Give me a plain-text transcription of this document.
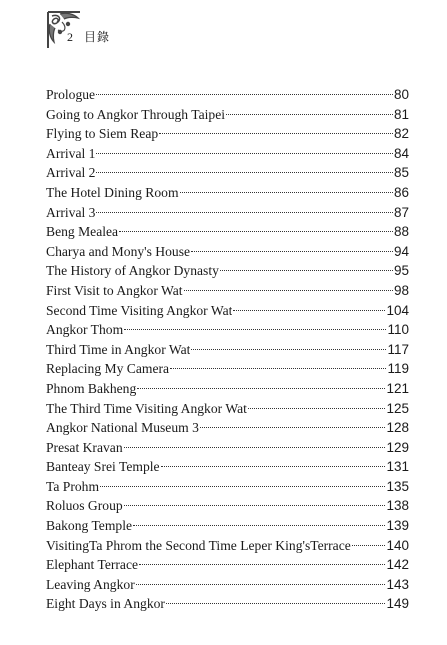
2 目錄
Prologue	80
Going to Angkor Through Taipei	81
Flying to Siem Reap	82
Arrival 1	84
Arrival 2	85
The Hotel Dining Room	86
Arrival 3	87
Beng Mealea	88
Charya and Mony's House	94
The History of Angkor Dynasty	95
First Visit to Angkor Wat	98
Second Time Visiting Angkor Wat	104
Angkor Thom	110
Third Time in Angkor Wat	117
Replacing My Camera	119
Phnom Bakheng	121
The Third Time Visiting Angkor Wat	125
Angkor National Museum 3	128
Presat Kravan	129
Banteay Srei Temple	131
Ta Prohm	135
Roluos Group	138
Bakong Temple	139
VisitingTa Phrom the Second Time Leper King'sTerrace	140
Elephant Terrace	142
Leaving Angkor	143
Eight Days in Angkor	149
